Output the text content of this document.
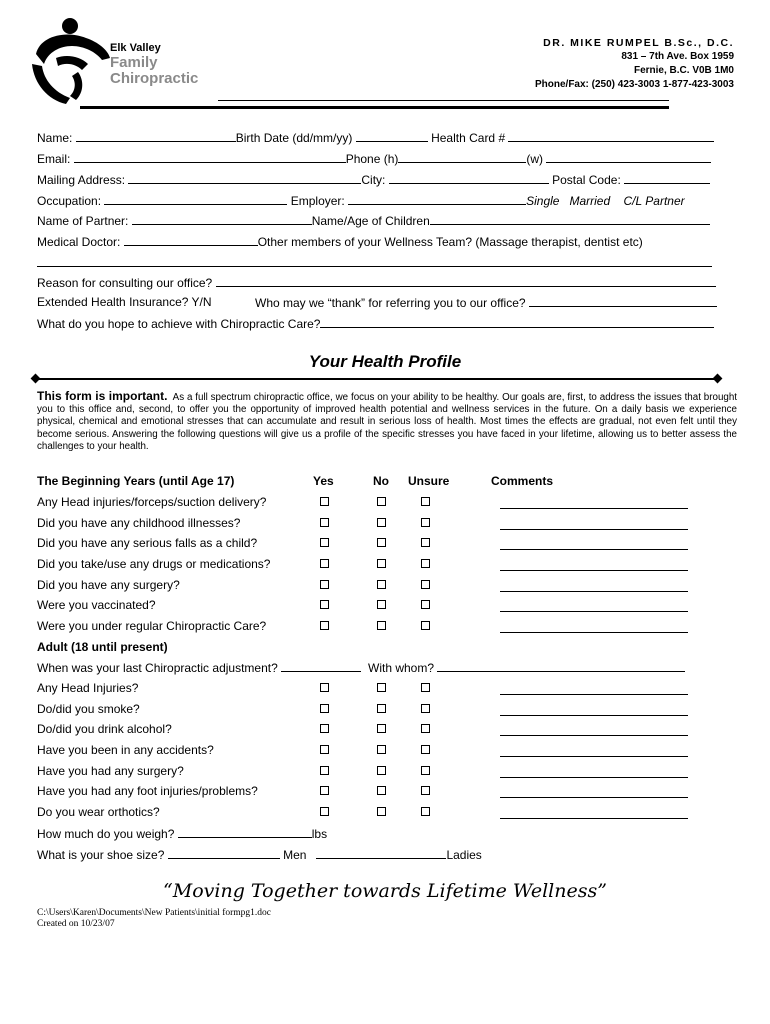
Elk Valley
Family
Chiropractic
DR. MIKE RUMPEL B.Sc., D.C.
831 – 7th Ave. Box 1959
Fernie, B.C. V0B 1M0
Phone/Fax: (250) 423-3003 1-877-423-3003
Name:	Birth Date (dd/mm/yy)	Health Card #
Email:	Phone (h)	(w)
Mailing Address:	City:	Postal Code:
Occupation:	Employer:	Single   Married    C/L Partner
Name of Partner:	Name/Age of Children
Medical Doctor:	Other members of your Wellness Team? (Massage therapist, dentist etc)
Reason for consulting our office?
Extended Health Insurance? Y/N	Who may we “thank” for referring you to our office?
What do you hope to achieve with Chiropractic Care?
Your Health Profile
This form is important. As a full spectrum chiropractic office, we focus on your ability to be healthy. Our goals are, first, to address the issues that brought you to this office and, second, to offer you the opportunity of improved health potential and wellness services in the future. On a daily basis we experience physical, chemical and emotional stresses that can accumulate and result in serious loss of health. Most times the effects are gradual, not even felt until they become serious. Answering the following questions will give us a profile of the specific stresses you have faced in your lifetime, allowing us to better assess the challenges to your health.
The Beginning Years (until Age 17)	Yes	No Unsure	Comments
Any Head injuries/forceps/suction delivery?
Did you have any childhood illnesses?
Did you have any serious falls as a child?
Did you take/use any drugs or medications?
Did you have any surgery?
Were you vaccinated?
Were you under regular Chiropractic Care?
Adult (18 until present)
When was your last Chiropractic adjustment?	With whom?
Any Head Injuries?
Do/did you smoke?
Do/did you drink alcohol?
Have you been in any accidents?
Have you had any surgery?
Have you had any foot injuries/problems?
Do you wear orthotics?
How much do you weigh?	lbs
What is your shoe size?	Men	Ladies
“Moving Together towards Lifetime Wellness”
C:\Users\Karen\Documents\New Patients\initial formpg1.doc
Created on 10/23/07
